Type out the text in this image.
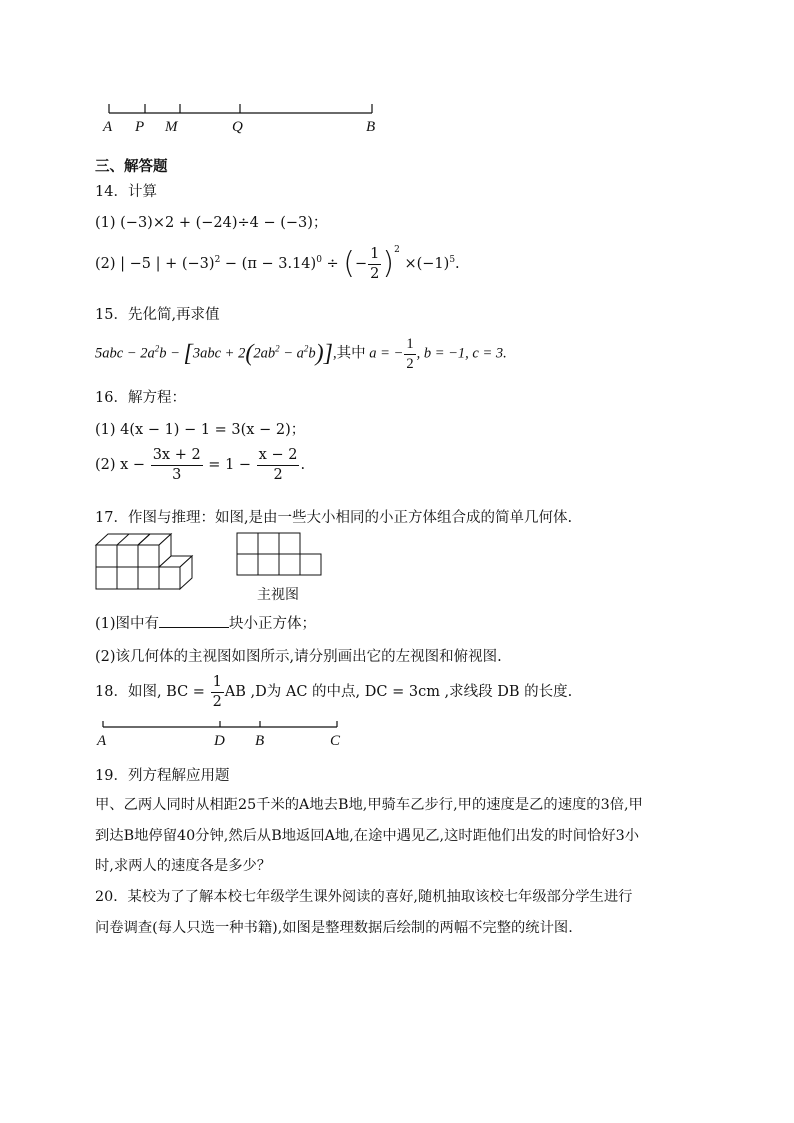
A P M	Q	B
三、解答题
14．计算
(1) (−3)×2 + (−24)÷4 − (−3)；
(2) | −5 | + $(-3)^2 - (\pi - 3.14)^0$ ÷ (− $\frac{1}{2} )^2 \times(-1)^5$.
15．先化简,再求值
$5abc - 2a^2b - [3abc + 2(2ab^2 - a^2b)]$,其中 a = − $\frac{1}{2}$ , b = −1, c = 3.
16．解方程：
(1) 4(x − 1) − 1 = 3(x − 2)；
(2) $x - \frac{3x + 2}{3} = 1 - \frac{x - 2}{2}$ .
17．作图与推理：如图,是由一些大小相同的小正方体组合成的简单几何体.
主视图
(1)图中有	块小正方体；
(2)该几何体的主视图如图所示,请分别画出它的左视图和俯视图.
18．如图, BC = $\frac{1}{2}$ AB ,D为 AC 的中点, DC = 3cm ,求线段 DB 的长度.
A	D B	C
19．列方程解应用题
甲、乙两人同时从相距25千米的A地去B地,甲骑车乙步行,甲的速度是乙的速度的3倍,甲
到达B地停留40分钟,然后从B地返回A地,在途中遇见乙,这时距他们出发的时间恰好3小
时,求两人的速度各是多少？
20．某校为了了解本校七年级学生课外阅读的喜好,随机抽取该校七年级部分学生进行
问卷调查(每人只选一种书籍),如图是整理数据后绘制的两幅不完整的统计图.
